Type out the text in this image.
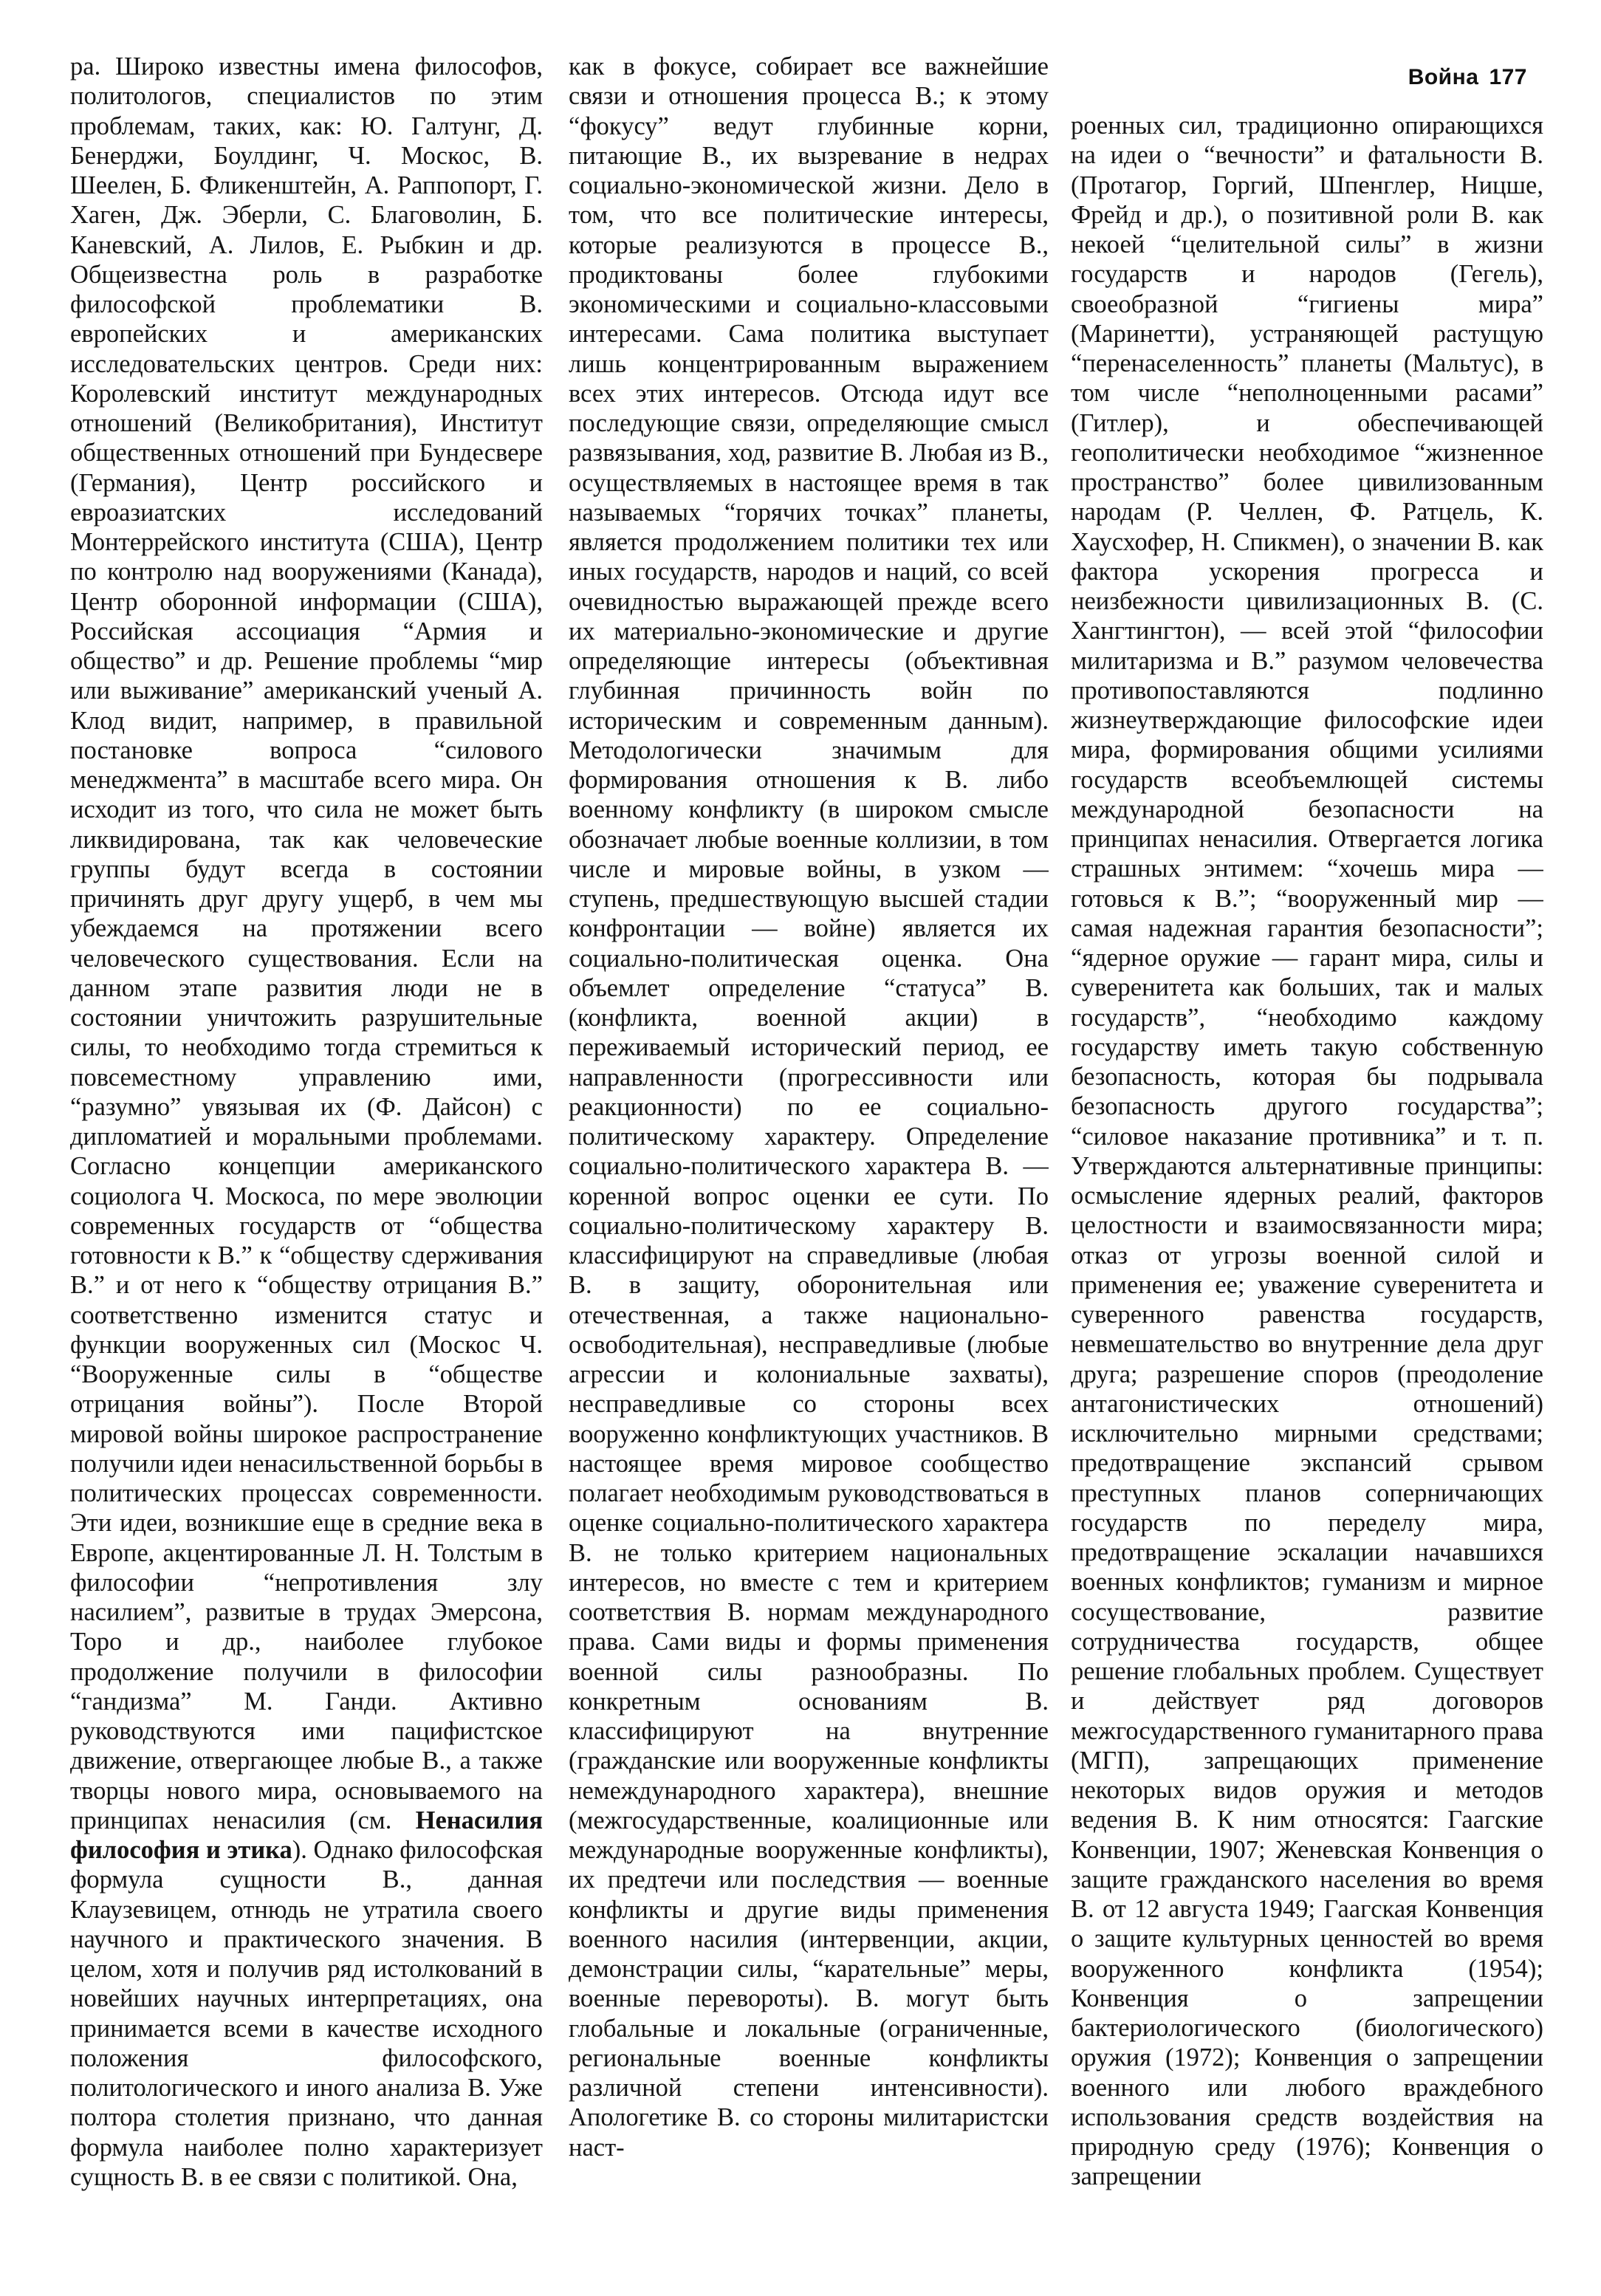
Война 177

ра. Широко известны имена философов, политологов, специалистов по этим проблемам, таких, как: Ю. Галтунг, Д. Бенерджи, Боулдинг, Ч. Москос, В. Шеелен, Б. Фликенштейн, А. Раппопорт, Г. Хаген, Дж. Эберли, С. Благоволин, Б. Каневский, А. Лилов, Е. Рыбкин и др. Общеизвестна роль в разработке философской проблематики В. европейских и американских исследовательских центров. Среди них: Королевский институт международных отношений (Великобритания), Институт общественных отношений при Бундесвере (Германия), Центр российского и евроазиатских исследований Монтеррейского института (США), Центр по контролю над вооружениями (Канада), Центр оборонной информации (США), Российская ассоциация “Армия и общество” и др. Решение проблемы “мир или выживание” американский ученый А. Клод видит, например, в правильной постановке вопроса “силового менеджмента” в масштабе всего мира. Он исходит из того, что сила не может быть ликвидирована, так как человеческие группы будут всегда в состоянии причинять друг другу ущерб, в чем мы убеждаемся на протяжении всего человеческого существования. Если на данном этапе развития люди не в состоянии уничтожить разрушительные силы, то необходимо тогда стремиться к повсеместному управлению ими, “разумно” увязывая их (Ф. Дайсон) с дипломатией и моральными проблемами. Согласно концепции американского социолога Ч. Москоса, по мере эволюции современных государств от “общества готовности к В.” к “обществу сдерживания В.” и от него к “обществу отрицания В.” соответственно изменится статус и функции вооруженных сил (Москос Ч. “Вооруженные силы в “обществе отрицания войны”). После Второй мировой войны широкое распространение получили идеи ненасильственной борьбы в политических процессах современности. Эти идеи, возникшие еще в средние века в Европе, акцентированные Л. Н. Толстым в философии “непротивления злу насилием”, развитые в трудах Эмерсона, Торо и др., наиболее глубокое продолжение получили в философии “гандизма” М. Ганди. Активно руководствуются ими пацифистское движение, отвергающее любые В., а также творцы нового мира, основываемого на принципах ненасилия (см. Ненасилия философия и этика). Однако философская формула сущности В., данная Клаузевицем, отнюдь не утратила своего научного и практического значения. В целом, хотя и получив ряд истолкований в новейших научных интерпретациях, она принимается всеми в качестве исходного положения философского, политологического и иного анализа В. Уже полтора столетия признано, что данная формула наиболее полно характеризует сущность В. в ее связи с политикой. Она,

как в фокусе, собирает все важнейшие связи и отношения процесса В.; к этому “фокусу” ведут глубинные корни, питающие В., их вызревание в недрах социально-экономической жизни. Дело в том, что все политические интересы, которые реализуются в процессе В., продиктованы более глубокими экономическими и социально-классовыми интересами. Сама политика выступает лишь концентрированным выражением всех этих интересов. Отсюда идут все последующие связи, определяющие смысл развязывания, ход, развитие В. Любая из В., осуществляемых в настоящее время в так называемых “горячих точках” планеты, является продолжением политики тех или иных государств, народов и наций, со всей очевидностью выражающей прежде всего их материально-экономические и другие определяющие интересы (объективная глубинная причинность войн по историческим и современным данным). Методологически значимым для формирования отношения к В. либо военному конфликту (в широком смысле обозначает любые военные коллизии, в том числе и мировые войны, в узком — ступень, предшествующую высшей стадии конфронтации — войне) является их социально-политическая оценка. Она объемлет определение “статуса” В. (конфликта, военной акции) в переживаемый исторический период, ее направленности (прогрессивности или реакционности) по ее социально-политическому характеру. Определение социально-политического характера В. — коренной вопрос оценки ее сути. По социально-политическому характеру В. классифицируют на справедливые (любая В. в защиту, оборонительная или отечественная, а также национально-освободительная), несправедливые (любые агрессии и колониальные захваты), несправедливые со стороны всех вооруженно конфликтующих участников. В настоящее время мировое сообщество полагает необходимым руководствоваться в оценке социально-политического характера В. не только критерием национальных интересов, но вместе с тем и критерием соответствия В. нормам международного права. Сами виды и формы применения военной силы разнообразны. По конкретным основаниям В. классифицируют на внутренние (гражданские или вооруженные конфликты немеждународного характера), внешние (межгосударственные, коалиционные или международные вооруженные конфликты), их предтечи или последствия — военные конфликты и другие виды применения военного насилия (интервенции, акции, демонстрации силы, “карательные” меры, военные перевороты). В. могут быть глобальные и локальные (ограниченные, региональные военные конфликты различной степени интенсивности). Апологетике В. со стороны милитаристски наст-

роенных сил, традиционно опирающихся на идеи о “вечности” и фатальности В. (Протагор, Горгий, Шпенглер, Ницше, Фрейд и др.), о позитивной роли В. как некоей “целительной силы” в жизни государств и народов (Гегель), своеобразной “гигиены мира” (Маринетти), устраняющей растущую “перенаселенность” планеты (Мальтус), в том числе “неполноценными расами” (Гитлер), и обеспечивающей геополитически необходимое “жизненное пространство” более цивилизованным народам (Р. Челлен, Ф. Ратцель, К. Хаусхофер, Н. Спикмен), о значении В. как фактора ускорения прогресса и неизбежности цивилизационных В. (С. Хангтингтон), — всей этой “философии милитаризма и В.” разумом человечества противопоставляются подлинно жизнеутверждающие философские идеи мира, формирования общими усилиями государств всеобъемлющей системы международной безопасности на принципах ненасилия. Отвергается логика страшных энтимем: “хочешь мира — готовься к В.”; “вооруженный мир — самая надежная гарантия безопасности”; “ядерное оружие — гарант мира, силы и суверенитета как больших, так и малых государств”, “необходимо каждому государству иметь такую собственную безопасность, которая бы подрывала безопасность другого государства”; “силовое наказание противника” и т. п. Утверждаются альтернативные принципы: осмысление ядерных реалий, факторов целостности и взаимосвязанности мира; отказ от угрозы военной силой и применения ее; уважение суверенитета и суверенного равенства государств, невмешательство во внутренние дела друг друга; разрешение споров (преодоление антагонистических отношений) исключительно мирными средствами; предотвращение экспансий срывом преступных планов соперничающих государств по переделу мира, предотвращение эскалации начавшихся военных конфликтов; гуманизм и мирное сосуществование, развитие сотрудничества государств, общее решение глобальных проблем. Существует и действует ряд договоров межгосударственного гуманитарного права (МГП), запрещающих применение некоторых видов оружия и методов ведения В. К ним относятся: Гаагские Конвенции, 1907; Женевская Конвенция о защите гражданского населения во время В. от 12 августа 1949; Гаагская Конвенция о защите культурных ценностей во время вооруженного конфликта (1954); Конвенция о запрещении бактериологического (биологического) оружия (1972); Конвенция о запрещении военного или любого враждебного использования средств воздействия на природную среду (1976); Конвенция о запрещении
